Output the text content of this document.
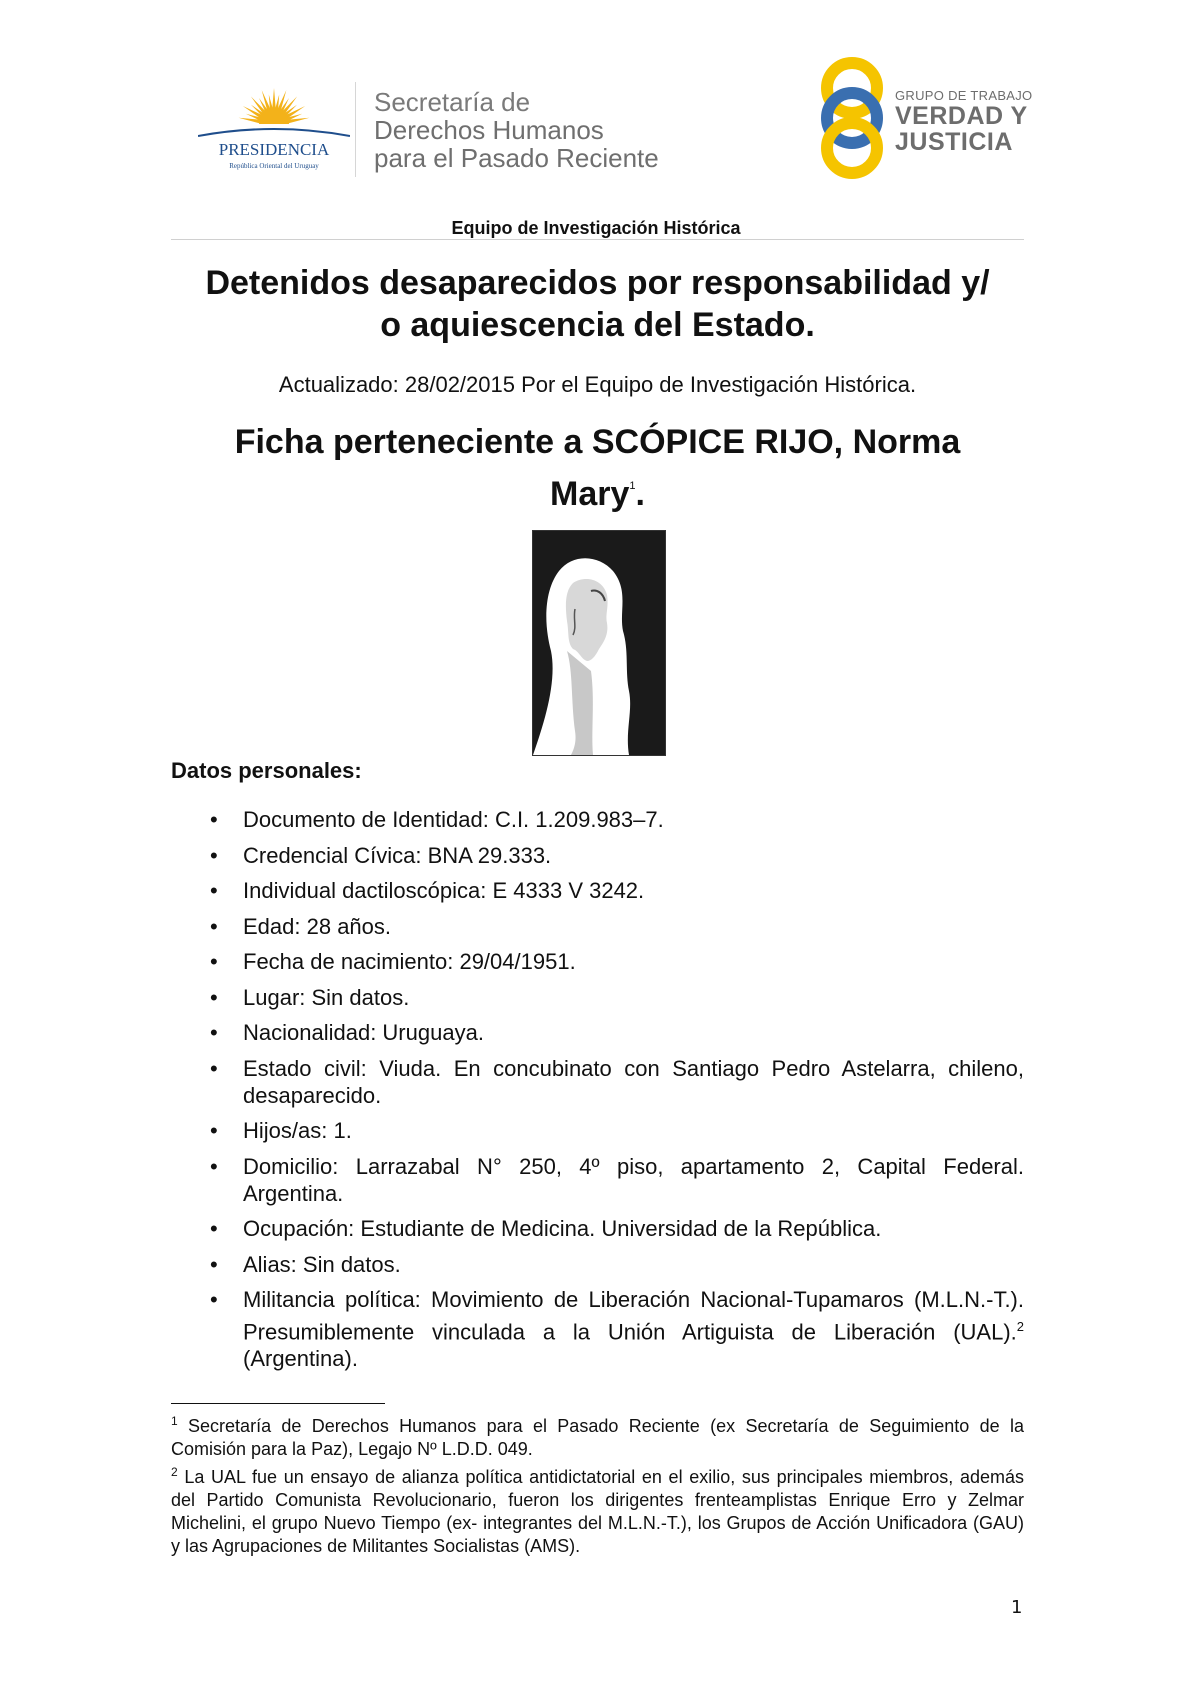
PRESIDENCIA
República Oriental del Uruguay
Secretaría de
Derechos Humanos
para el Pasado Reciente
GRUPO DE TRABAJO
VERDAD Y
JUSTICIA
Equipo de Investigación Histórica
Detenidos desaparecidos por responsabilidad y/
o aquiescencia del Estado.
Actualizado: 28/02/2015 Por el Equipo de Investigación Histórica.
Ficha perteneciente a SCÓPICE RIJO, Norma
Mary$^1$.
Datos personales:
• Documento de Identidad: C.I. 1.209.983–7.
• Credencial Cívica: BNA 29.333.
• Individual dactiloscópica: E 4333 V 3242.
• Edad: 28 años.
• Fecha de nacimiento: 29/04/1951.
• Lugar: Sin datos.
• Nacionalidad: Uruguaya.
• Estado civil: Viuda. En concubinato con Santiago Pedro Astelarra, chileno, desaparecido.
• Hijos/as: 1.
• Domicilio: Larrazabal N° 250, 4º piso, apartamento 2, Capital Federal. Argentina.
• Ocupación: Estudiante de Medicina. Universidad de la República.
• Alias: Sin datos.
• Militancia política: Movimiento de Liberación Nacional-Tupamaros (M.L.N.-T.). Presumiblemente vinculada a la Unión Artiguista de Liberación (UAL).$^2$ (Argentina).

$^1$ Secretaría de Derechos Humanos para el Pasado Reciente (ex Secretaría de Seguimiento de la Comisión para la Paz), Legajo Nº L.D.D. 049.

$^2$ La UAL fue un ensayo de alianza política antidictatorial en el exilio, sus principales miembros, además del Partido Comunista Revolucionario, fueron los dirigentes frenteamplistas Enrique Erro y Zelmar Michelini, el grupo Nuevo Tiempo (ex- integrantes del M.L.N.-T.), los Grupos de Acción Unificadora (GAU) y las Agrupaciones de Militantes Socialistas (AMS).

1
